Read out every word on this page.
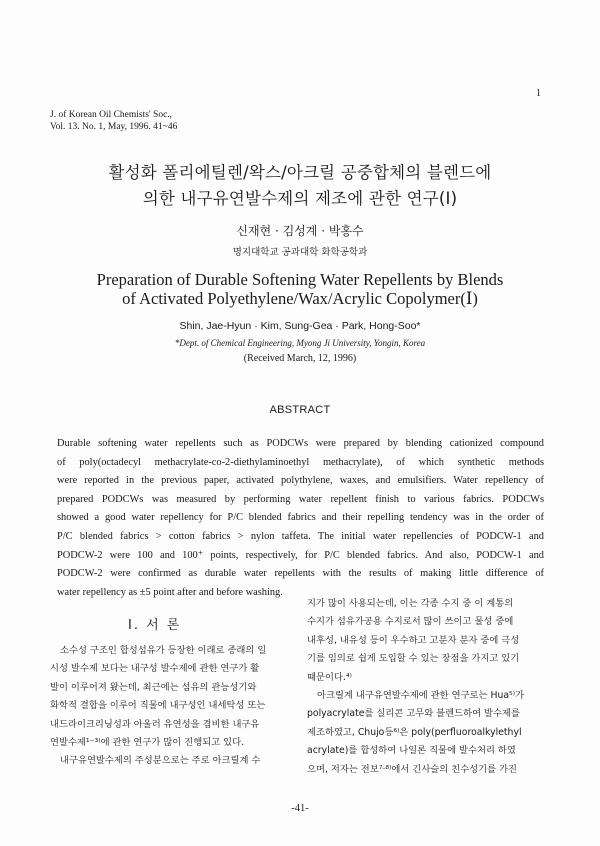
1
J. of Korean Oil Chemists' Soc.,
Vol. 13. No. 1, May, 1996. 41~46
활성화 폴리에틸렌/왁스/아크릴 공중합체의 블렌드에
의한 내구유연발수제의 제조에 관한 연구(Ⅰ)
신재현 · 김성계 · 박홍수
명지대학교 공과대학 화학공학과
Preparation of Durable Softening Water Repellents by Blends
of Activated Polyethylene/Wax/Acrylic Copolymer(Ⅰ)
Shin, Jae-Hyun · Kim, Sung-Gea · Park, Hong-Soo*
*Dept. of Chemical Engineering, Myong Ji University, Yongin, Korea
(Received March, 12, 1996)
ABSTRACT
Durable softening water repellents such as PODCWs were prepared by blending cationized compound
of poly(octadecyl methacrylate-co-2-diethylaminoethyl methacrylate), of which synthetic methods
were reported in the previous paper, activated polythylene, waxes, and emulsifiers. Water repellency of
prepared PODCWs was measured by performing water repellent finish to various fabrics. PODCWs
showed a good water repellency for P/C blended fabrics and their repelling tendency was in the order of
P/C blended fabrics > cotton fabrics > nylon taffeta. The initial water repellencies of PODCW-1 and
PODCW-2 were 100 and 100⁺ points, respectively, for P/C blended fabrics. And also, PODCW-1 and
PODCW-2 were confirmed as durable water repellents with the results of making little difference of
water repellency as ±5 point after and before washing.
Ⅰ. 서 론
소수성 구조인 합성섬유가 등장한 이래로 종래의 일
시성 발수제 보다는 내구성 발수제에 관한 연구가 활
발이 이루어져 왔는데, 최근에는 섬유의 관능성기와
화학적 결합을 이루어 직물에 내구성인 내세탁성 또는
내드라이크리닝성과 아울러 유연성을 겸비한 내구유
연발수제¹⁻³⁾에 관한 연구가 많이 진행되고 있다.
내구유연발수제의 주성분으로는 주로 아크릴계 수
지가 많이 사용되는데, 이는 각종 수지 중 이 계통의
수지가 섬유가공용 수지로서 많이 쓰이고 물성 중에
내후성, 내유성 등이 우수하고 고분자 분자 중에 극성
기를 임의로 쉽게 도입할 수 있는 장점을 가지고 있기
때문이다.⁴⁾
아크릴계 내구유연발수제에 관한 연구로는 Hua⁵⁾가
polyacrylate를 실리콘 고무와 블렌드하여 발수제를
제조하였고, Chujo등⁶⁾은 poly(perfluoroalkylethyl
acrylate)를 합성하여 나일론 직물에 발수처리 하였
으며, 저자는 전보⁷·⁸⁾에서 긴사슬의 친수성기를 가진
-41-
